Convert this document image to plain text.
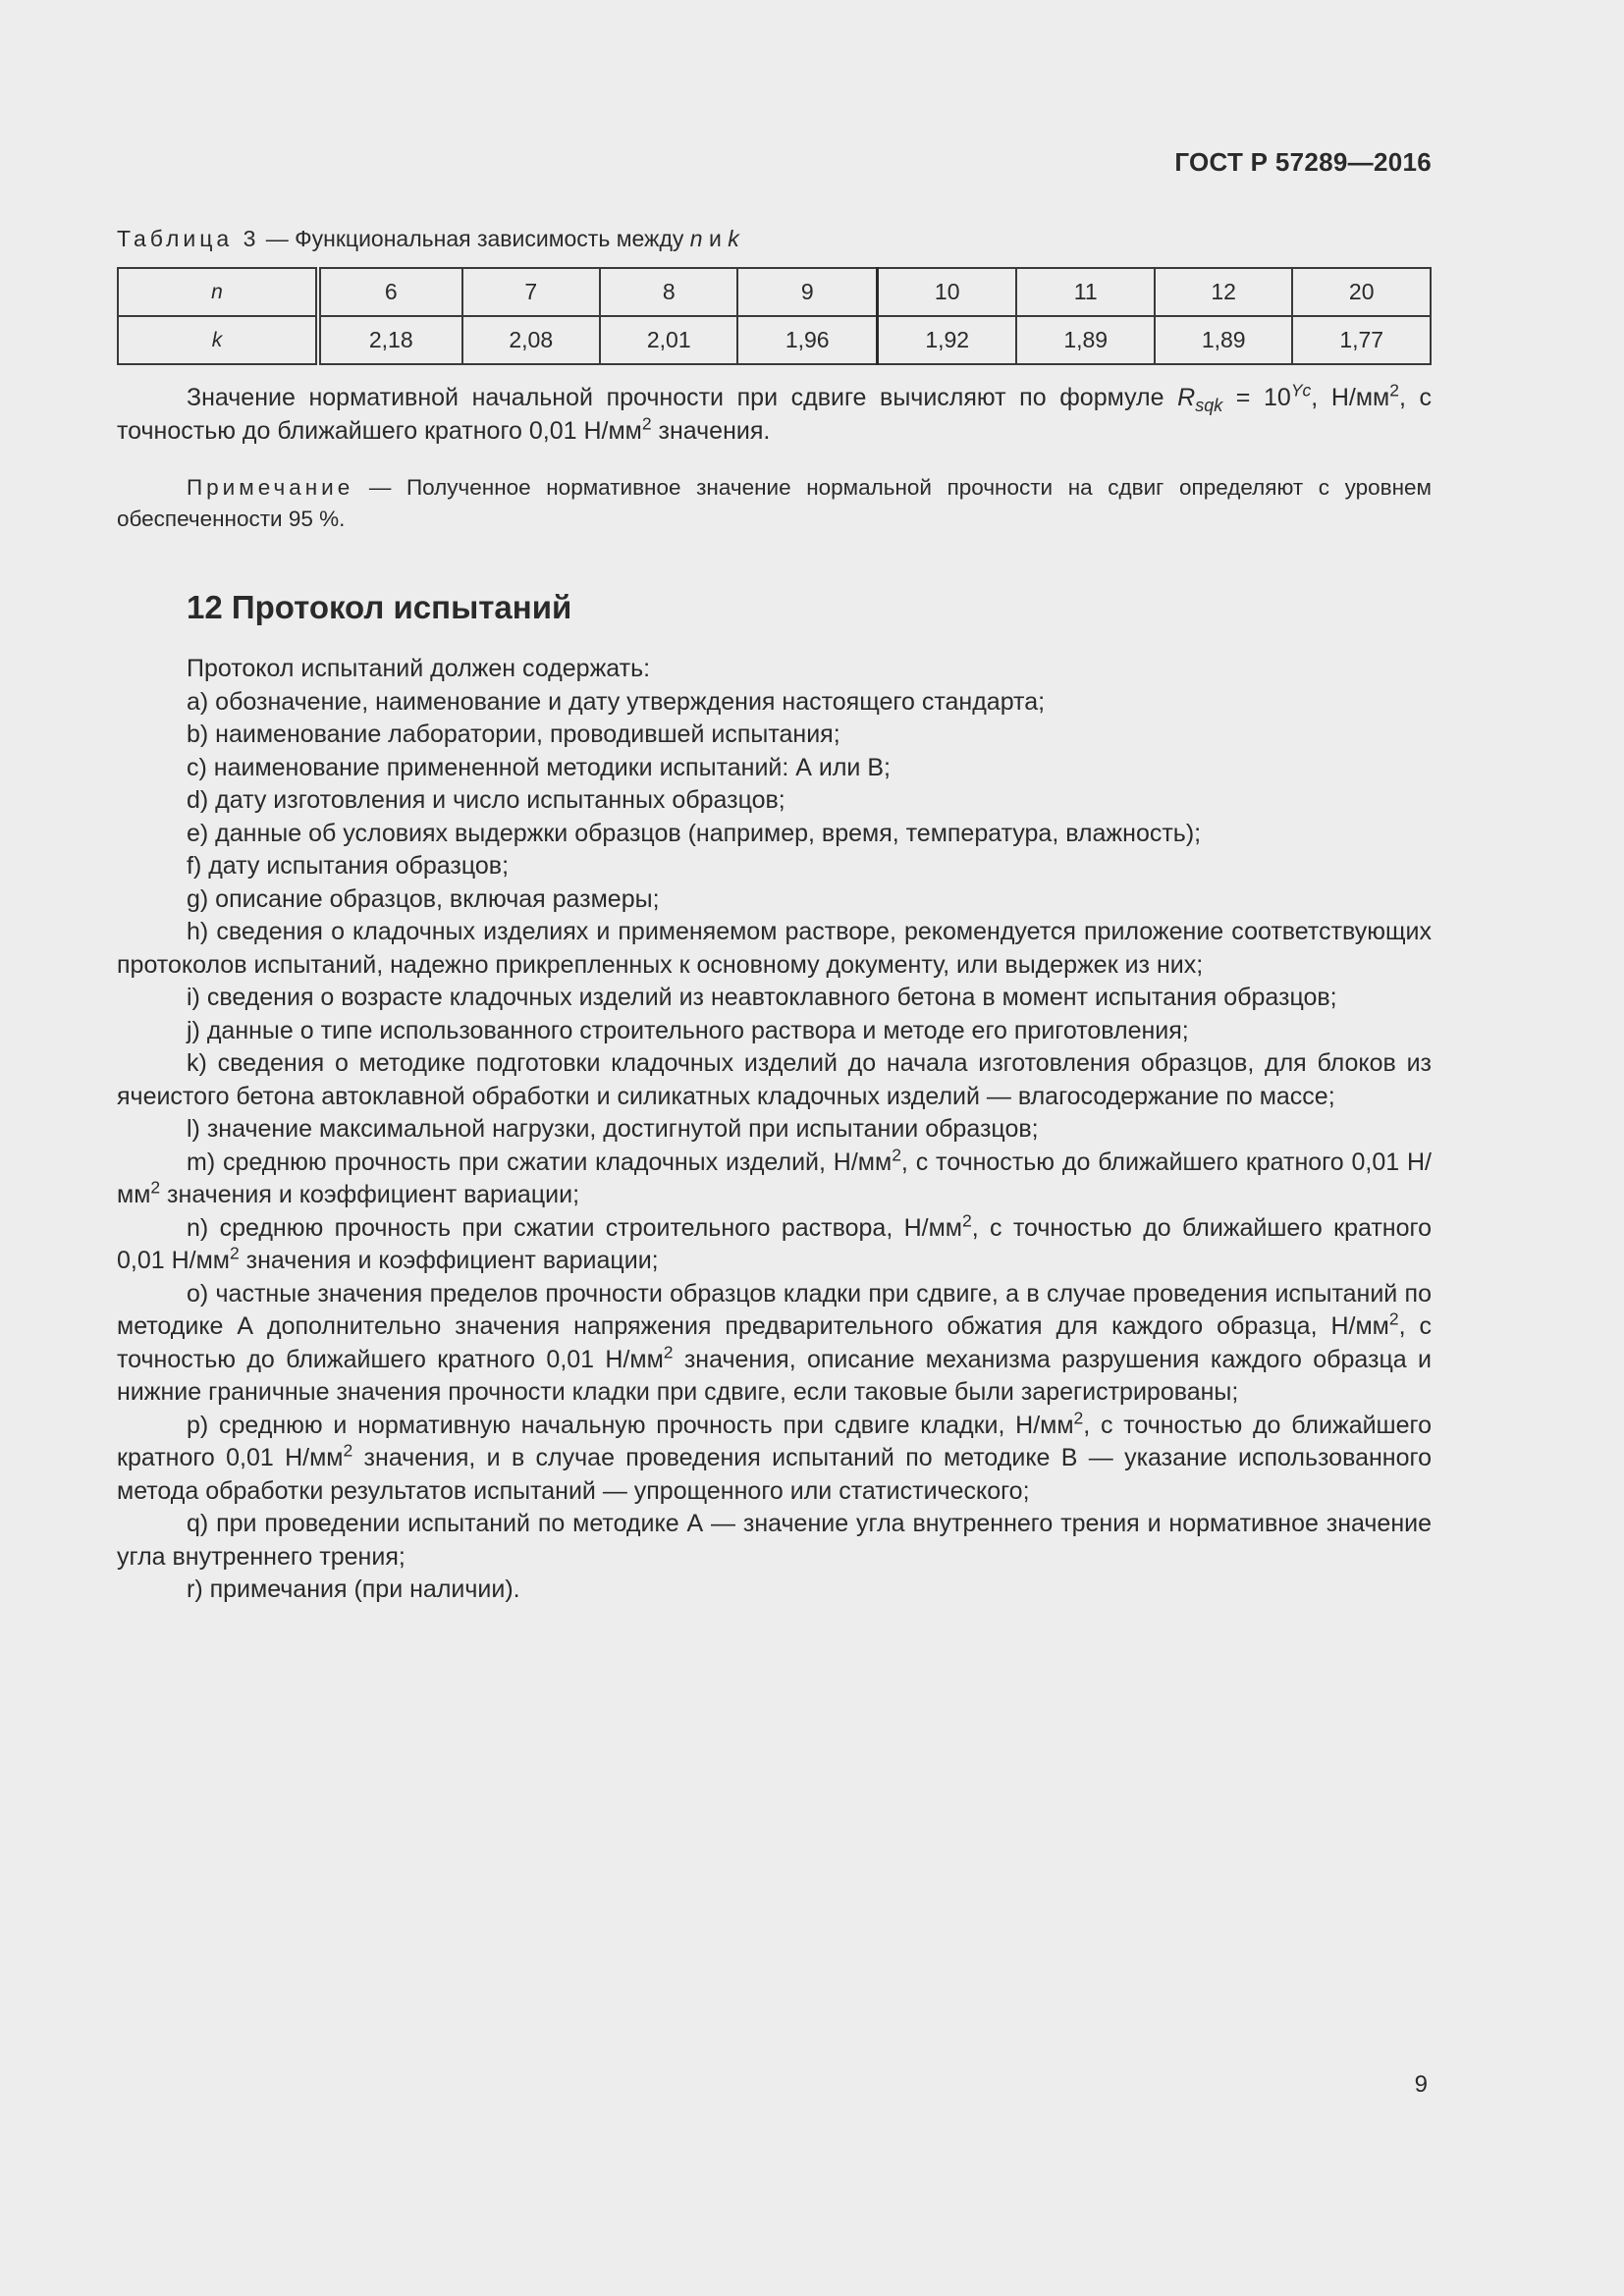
ГОСТ Р 57289—2016
Таблица 3 — Функциональная зависимость между n и k
n	6	7	8	9	10	11	12	20
k	2,18	2,08	2,01	1,96	1,92	1,89	1,89	1,77

Значение нормативной начальной прочности при сдвиге вычисляют по формуле $R_{sqk} = 10^{Yc}$, $Н/мм^2$, с точностью до ближайшего кратного 0,01 $Н/мм^2$ значения.

Примечание — Полученное нормативное значение нормальной прочности на сдвиг определяют с уровнем обеспеченности 95 %.

12 Протокол испытаний

Протокол испытаний должен содержать:

a) обозначение, наименование и дату утверждения настоящего стандарта;

b) наименование лаборатории, проводившей испытания;

c) наименование примененной методики испытаний: А или В;

d) дату изготовления и число испытанных образцов;

e) данные об условиях выдержки образцов (например, время, температура, влажность);

f) дату испытания образцов;

g) описание образцов, включая размеры;

h) сведения о кладочных изделиях и применяемом растворе, рекомендуется приложение соответствующих протоколов испытаний, надежно прикрепленных к основному документу, или выдержек из них;

i) сведения о возрасте кладочных изделий из неавтоклавного бетона в момент испытания образцов;

j) данные о типе использованного строительного раствора и методе его приготовления;

k) сведения о методике подготовки кладочных изделий до начала изготовления образцов, для блоков из ячеистого бетона автоклавной обработки и силикатных кладочных изделий — влагосодержание по массе;

l) значение максимальной нагрузки, достигнутой при испытании образцов;

m) среднюю прочность при сжатии кладочных изделий, $Н/мм^2$, с точностью до ближайшего кратного 0,01 $Н/мм^2$ значения и коэффициент вариации;

n) среднюю прочность при сжатии строительного раствора, $Н/мм^2$, с точностью до ближайшего кратного 0,01 $Н/мм^2$ значения и коэффициент вариации;

o) частные значения пределов прочности образцов кладки при сдвиге, а в случае проведения испытаний по методике А дополнительно значения напряжения предварительного обжатия для каждого образца, $Н/мм^2$, с точностью до ближайшего кратного 0,01 $Н/мм^2$ значения, описание механизма разрушения каждого образца и нижние граничные значения прочности кладки при сдвиге, если таковые были зарегистрированы;

p) среднюю и нормативную начальную прочность при сдвиге кладки, $Н/мм^2$, с точностью до ближайшего кратного 0,01 $Н/мм^2$ значения, и в случае проведения испытаний по методике В — указание использованного метода обработки результатов испытаний — упрощенного или статистического;

q) при проведении испытаний по методике А — значение угла внутреннего трения и нормативное значение угла внутреннего трения;

r) примечания (при наличии).

9
